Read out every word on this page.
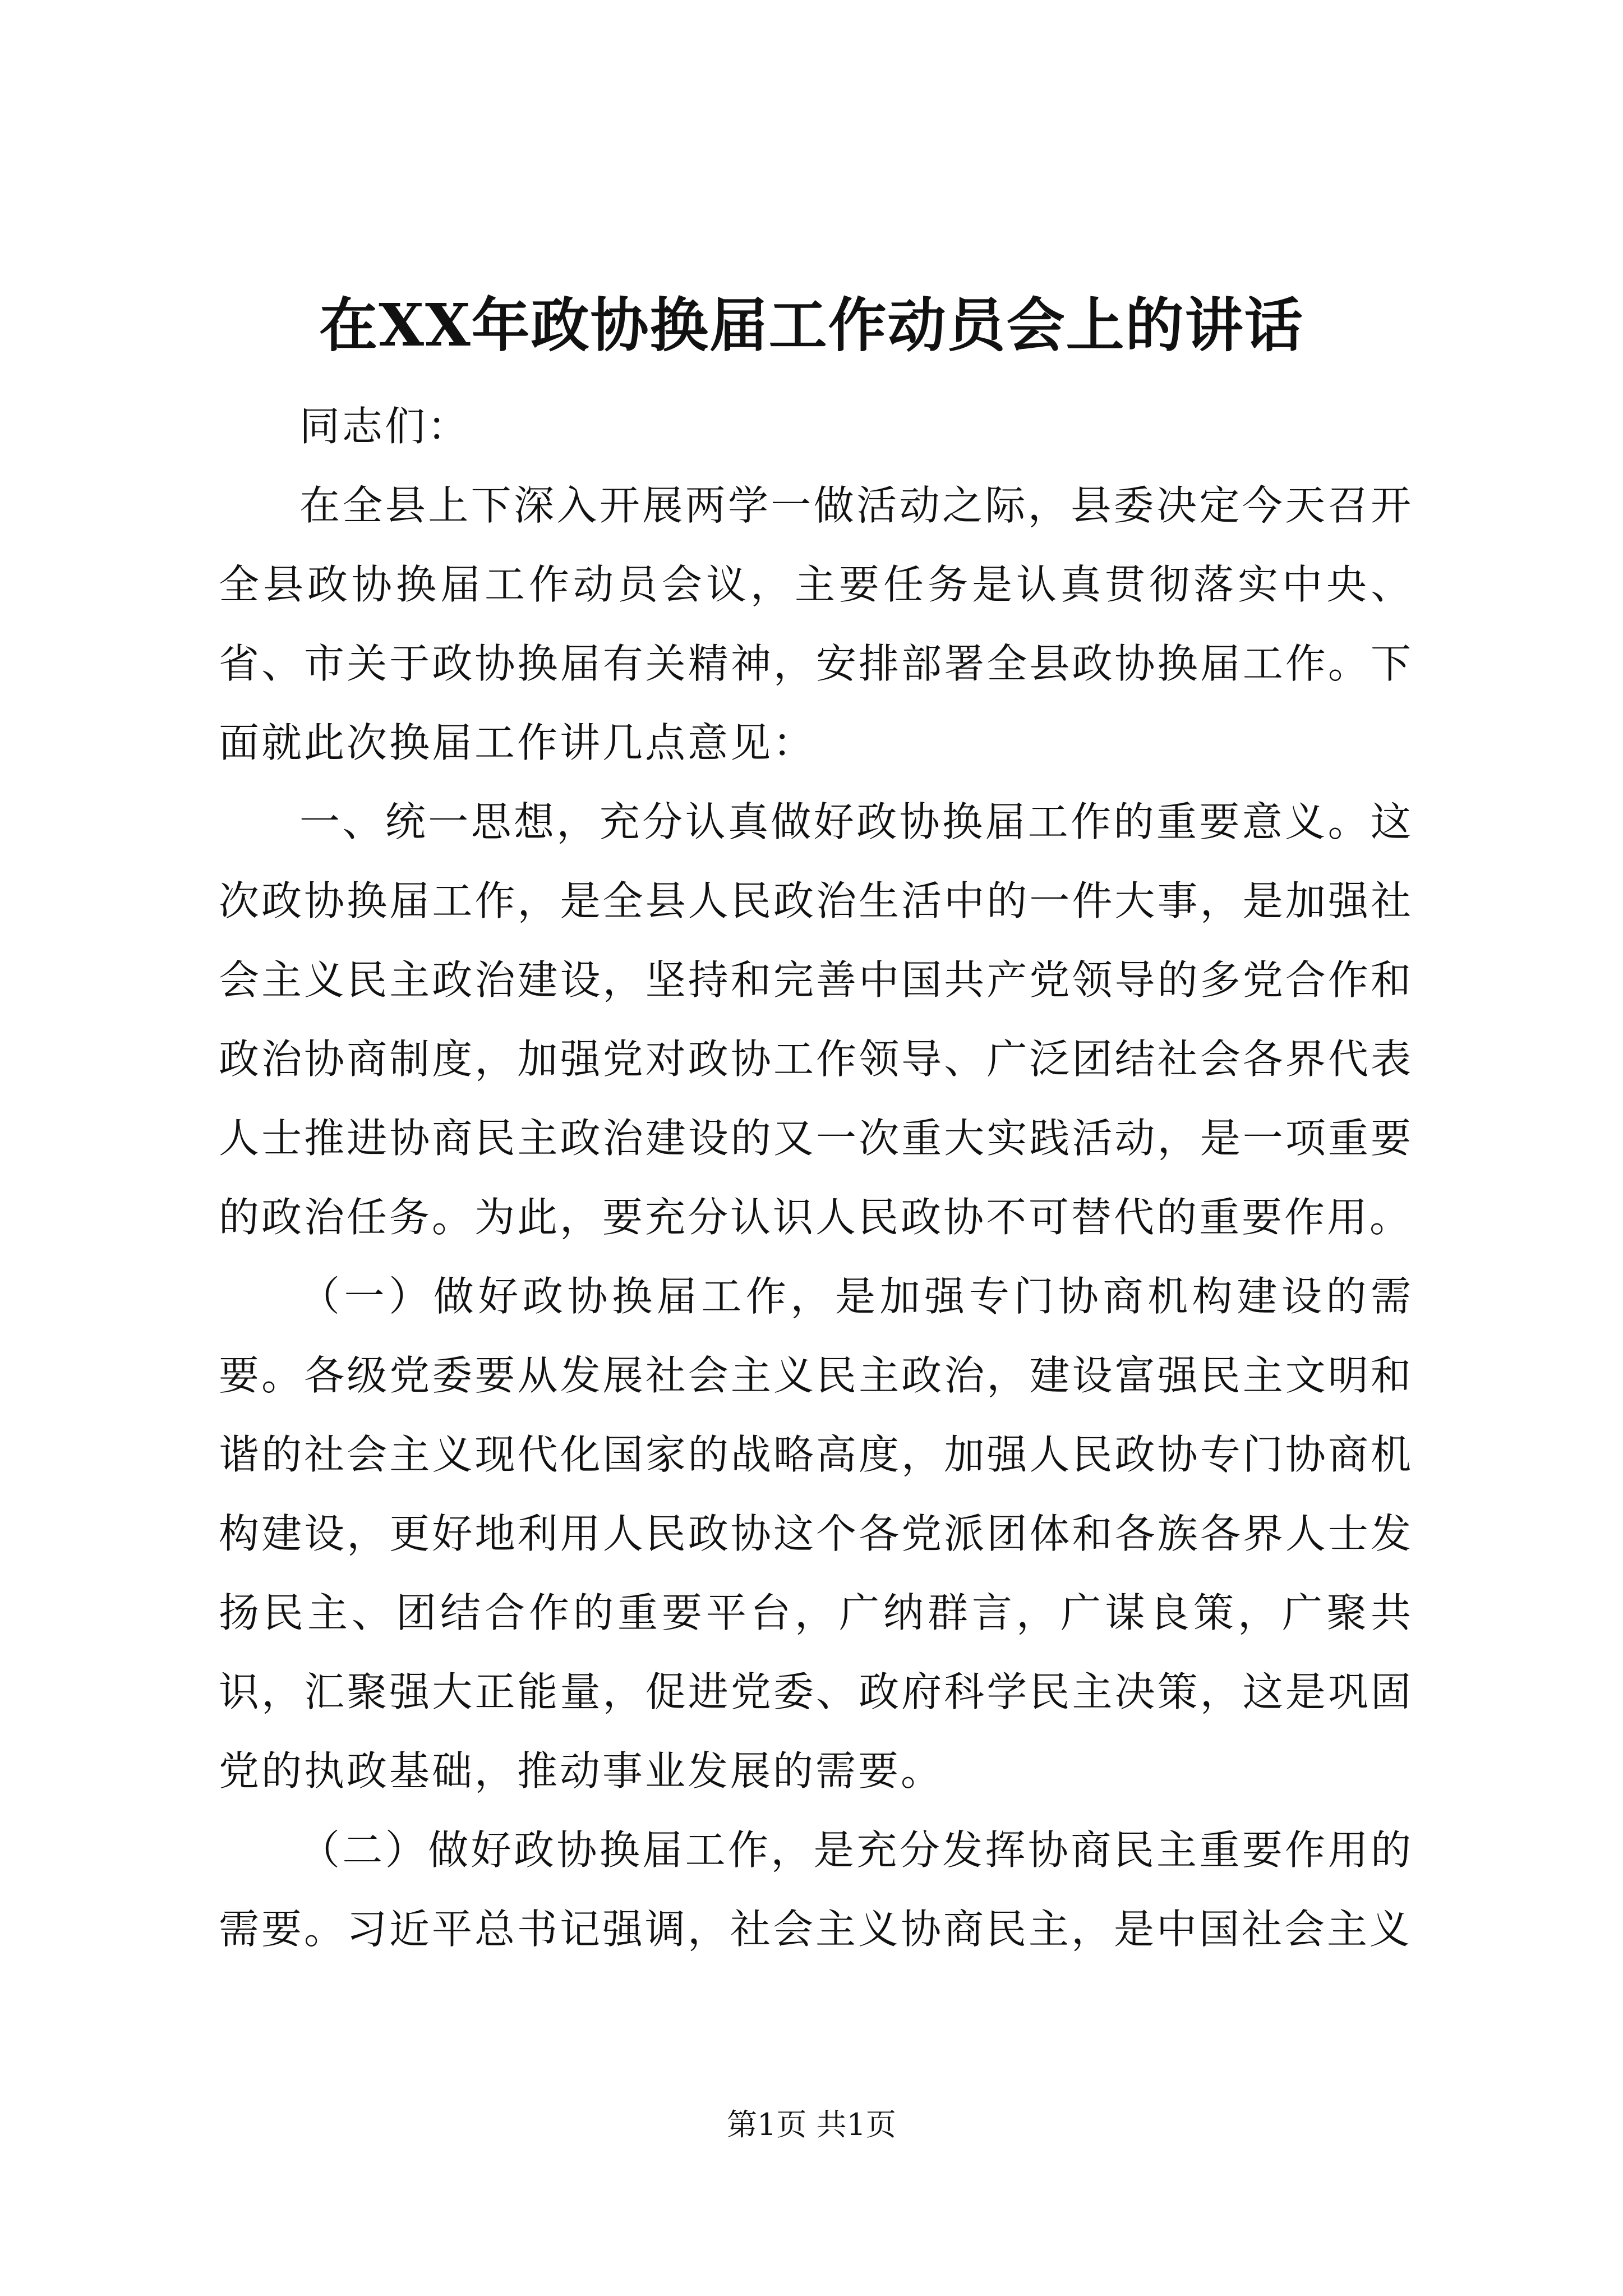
在XX年政协换届工作动员会上的讲话

同志们：

在全县上下深入开展两学一做活动之际，县委决定今天召开全县政协换届工作动员会议，主要任务是认真贯彻落实中央、省、市关于政协换届有关精神，安排部署全县政协换届工作。下面就此次换届工作讲几点意见：

一、统一思想，充分认真做好政协换届工作的重要意义。这次政协换届工作，是全县人民政治生活中的一件大事，是加强社会主义民主政治建设，坚持和完善中国共产党领导的多党合作和政治协商制度，加强党对政协工作领导、广泛团结社会各界代表人士推进协商民主政治建设的又一次重大实践活动，是一项重要的政治任务。为此，要充分认识人民政协不可替代的重要作用。

（一）做好政协换届工作，是加强专门协商机构建设的需要。各级党委要从发展社会主义民主政治，建设富强民主文明和谐的社会主义现代化国家的战略高度，加强人民政协专门协商机构建设，更好地利用人民政协这个各党派团体和各族各界人士发扬民主、团结合作的重要平台，广纳群言，广谋良策，广聚共识，汇聚强大正能量，促进党委、政府科学民主决策，这是巩固党的执政基础，推动事业发展的需要。

（二）做好政协换届工作，是充分发挥协商民主重要作用的需要。习近平总书记强调，社会主义协商民主，是中国社会主义

第1页 共1页
